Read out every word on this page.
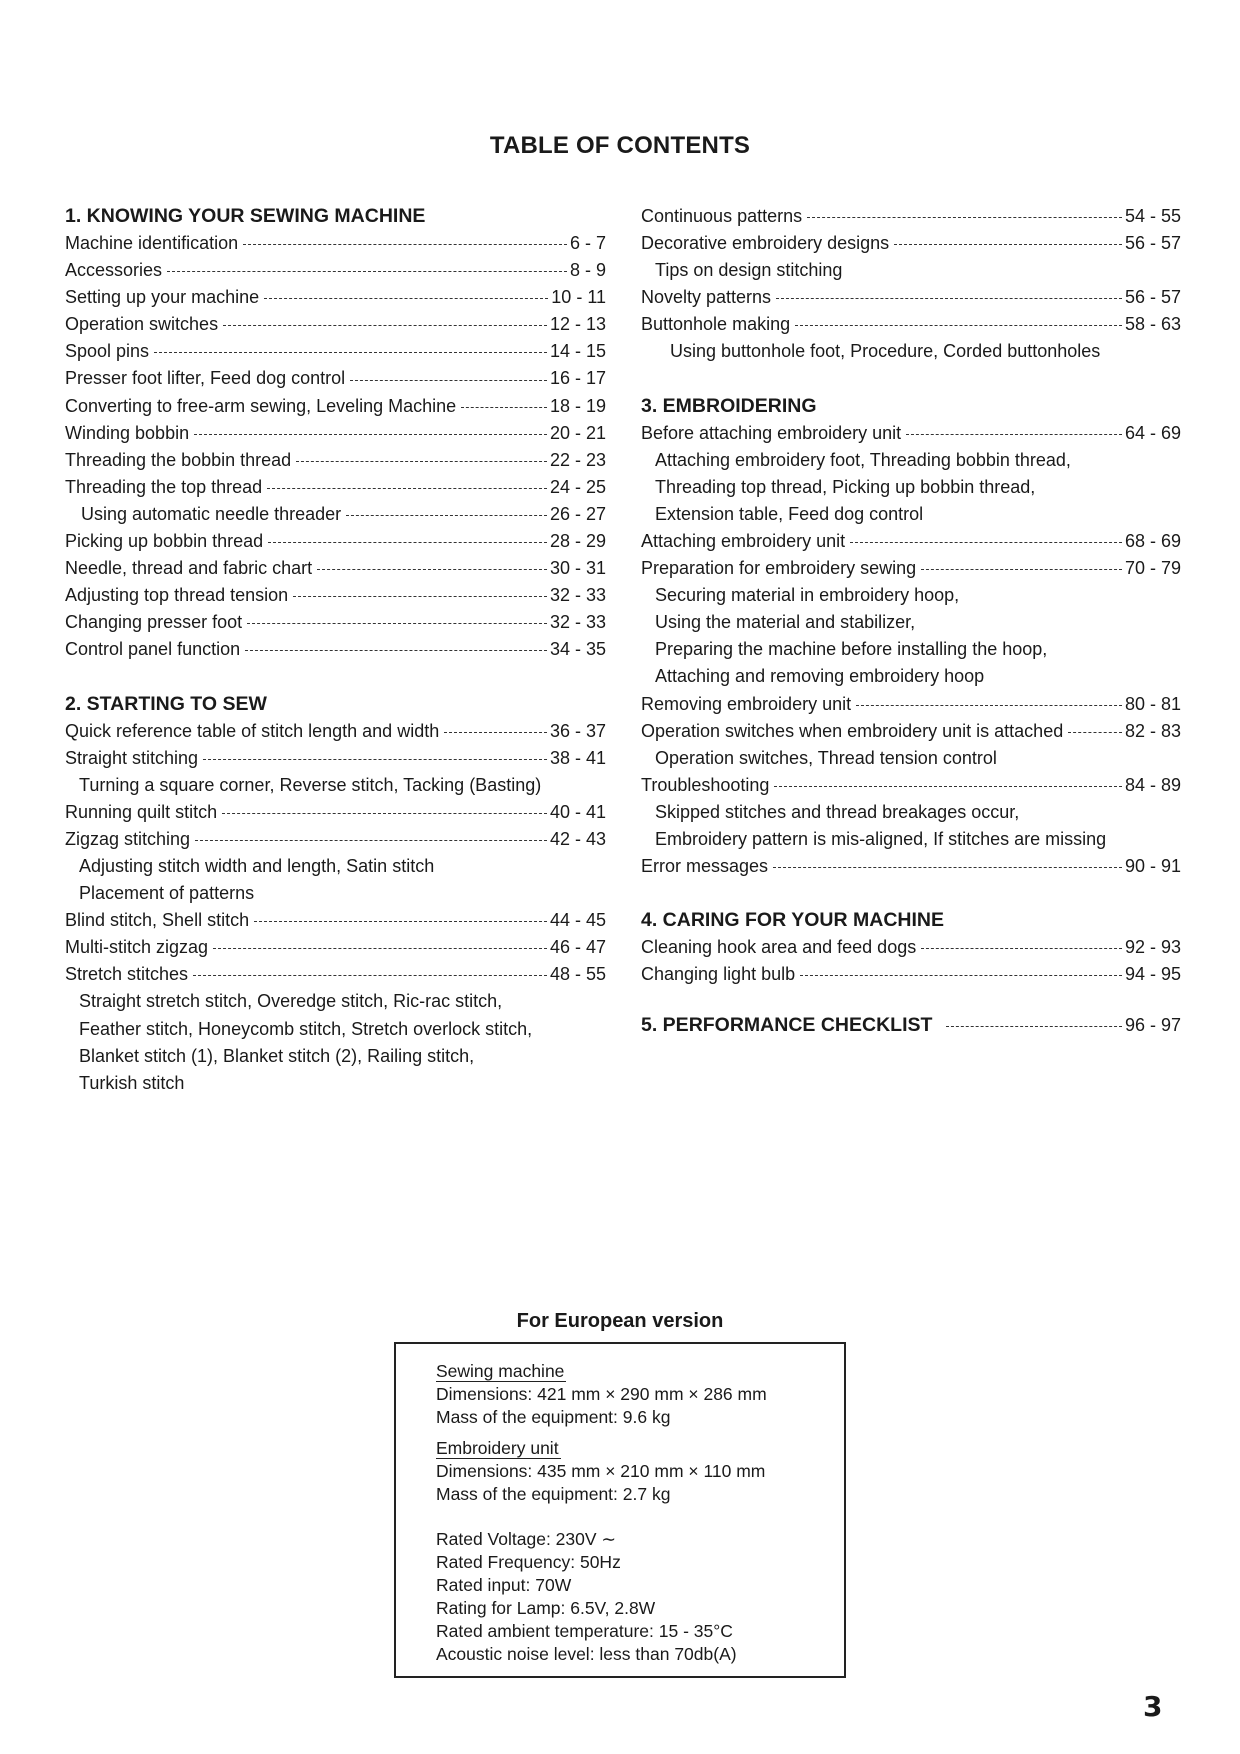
TABLE OF CONTENTS
1. KNOWING YOUR SEWING MACHINE
Machine identification	6 - 7
Accessories	8 - 9
Setting up your machine	10 - 11
Operation switches	12 - 13
Spool pins	14 - 15
Presser foot lifter, Feed dog control	16 - 17
Converting to free-arm sewing, Leveling Machine	18 - 19
Winding bobbin	20 - 21
Threading the bobbin thread	22 - 23
Threading the top thread	24 - 25
Using automatic needle threader	26 - 27
Picking up bobbin thread	28 - 29
Needle, thread and fabric chart	30 - 31
Adjusting top thread tension	32 - 33
Changing presser foot	32 - 33
Control panel function	34 - 35
2. STARTING TO SEW
Quick reference table of stitch length and width	36 - 37
Straight stitching	38 - 41
Turning a square corner, Reverse stitch, Tacking (Basting)
Running quilt stitch	40 - 41
Zigzag stitching	42 - 43
Adjusting stitch width and length, Satin stitch
Placement of patterns
Blind stitch, Shell stitch	44 - 45
Multi-stitch zigzag	46 - 47
Stretch stitches	48 - 55
Straight stretch stitch, Overedge stitch, Ric-rac stitch,
Feather stitch, Honeycomb stitch, Stretch overlock stitch,
Blanket stitch (1), Blanket stitch (2), Railing stitch,
Turkish stitch
Continuous patterns	54 - 55
Decorative embroidery designs	56 - 57
Tips on design stitching
Novelty patterns	56 - 57
Buttonhole making	58 - 63
Using buttonhole foot, Procedure, Corded buttonholes
3. EMBROIDERING
Before attaching embroidery unit	64 - 69
Attaching embroidery foot, Threading bobbin thread,
Threading top thread, Picking up bobbin thread,
Extension table, Feed dog control
Attaching embroidery unit	68 - 69
Preparation for embroidery sewing	70 - 79
Securing material in embroidery hoop,
Using the material and stabilizer,
Preparing the machine before installing the hoop,
Attaching and removing embroidery hoop
Removing embroidery unit	80 - 81
Operation switches when embroidery unit is attached	82 - 83
Operation switches, Thread tension control
Troubleshooting	84 - 89
Skipped stitches and thread breakages occur,
Embroidery pattern is mis-aligned, If stitches are missing
Error messages	90 - 91
4. CARING FOR YOUR MACHINE
Cleaning hook area and feed dogs	92 - 93
Changing light bulb	94 - 95
5. PERFORMANCE CHECKLIST	96 - 97
For European version
Sewing machine
Dimensions: 421 mm × 290 mm × 286 mm
Mass of the equipment: 9.6 kg
Embroidery unit
Dimensions: 435 mm × 210 mm × 110 mm
Mass of the equipment: 2.7 kg
Rated Voltage: 230V ∼
Rated Frequency: 50Hz
Rated input: 70W
Rating for Lamp: 6.5V, 2.8W
Rated ambient temperature: 15 - 35°C
Acoustic noise level: less than 70db(A)
3
